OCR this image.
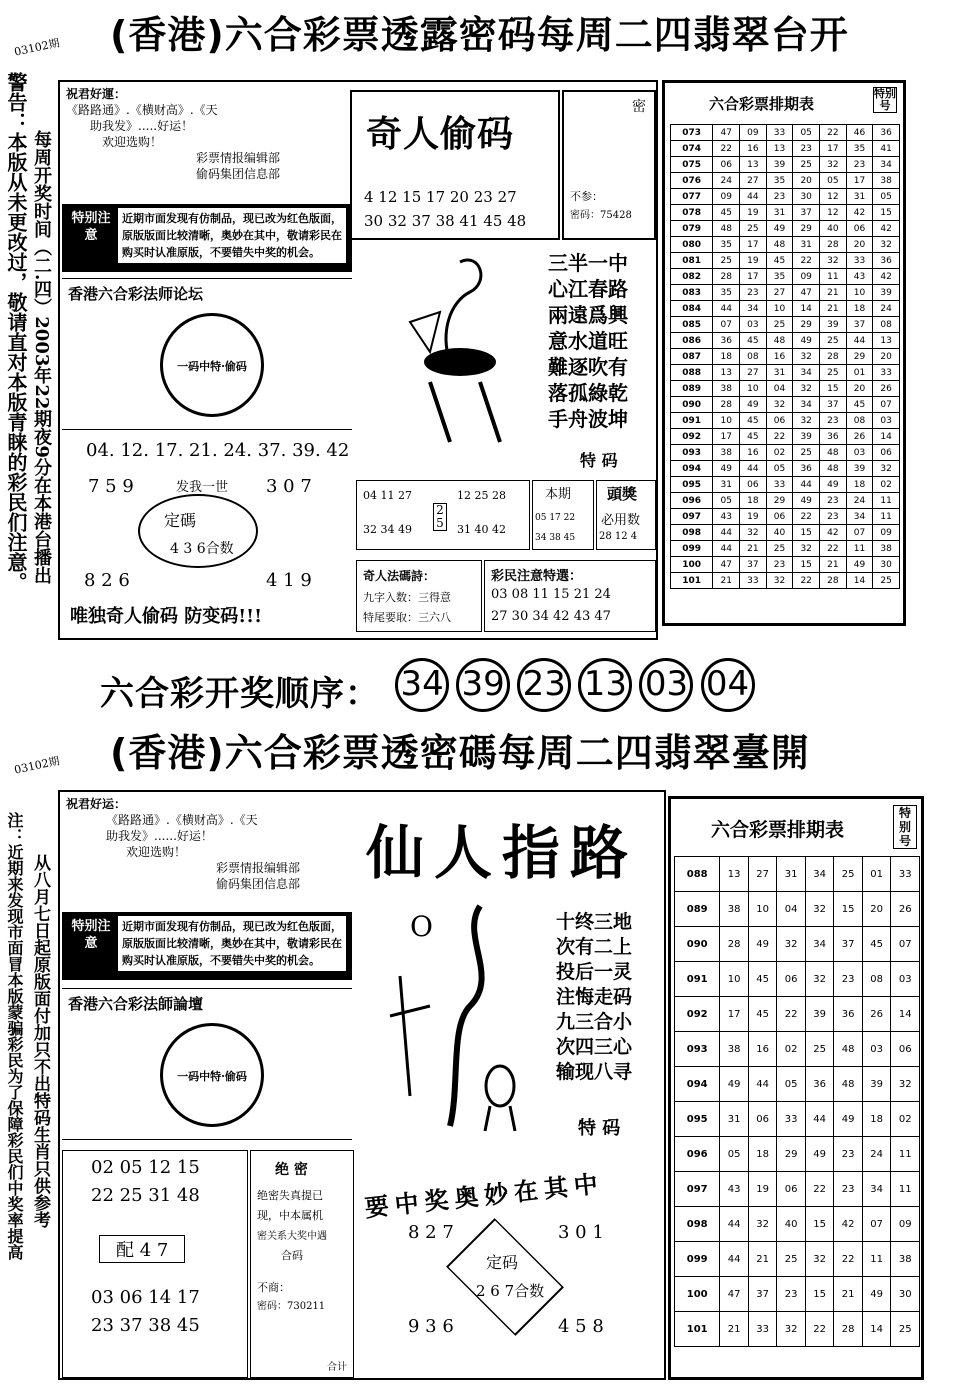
(香港)六合彩票透露密码每周二四翡翠台开
03102期
警告：本版从未更改过，敬请直对本版青睐的彩民们注意。 每周开奖时间（二.四）2003年22期夜9分在本港台播出
祝君好運：
《路路通》.《横财高》.《天
助我发》.....好运！
欢迎选购！
彩票情报编辑部
偷码集团信息部
奇人偷码
4 12 15 17 20 23 27
30 32 37 38 41 45 48
密
不参：
密码：75428
特别注意
近期市面发现有仿制品，现已改为红色版面，原版版面比较清晰，奥妙在其中，敬请彩民在购买时认准原版，不要错失中奖的机会。
香港六合彩法师论坛
一码中特·偷码
三半一中
心江春路
兩遠爲興
意水道旺
難逐吹有
落孤綠乾
手舟波坤
特 码
04. 12. 17. 21. 24. 37. 39. 42
7 5 9	发我一世 3 0 7
定碼
4 3 6合数
8 2 6	4 1 9
唯独奇人偷码 防变码!!!
04 11 27
32 34 49
2 5
12 25 28
31 40 42
本期
05 17 22
34 38 45
頭獎
必用数
28 12 4
奇人法碼詩：
九字入数：三得意
特尾要取：三六八
彩民注意特選：
03 08 11 15 21 24
27 30 34 42 43 47
六合彩票排期表
特别号
073	47	09	33	05	22	46	36
074	22	16	13	23	17	35	41
075	06	13	39	25	32	23	34
076	24	27	35	20	05	17	38
077	09	44	23	30	12	31	05
078	45	19	31	37	12	42	15
079	48	25	49	29	40	06	42
080	35	17	48	31	28	20	32
081	25	19	45	22	32	33	36
082	28	17	35	09	11	43	42
083	35	23	27	47	21	10	39
084	44	34	10	14	21	18	24
085	07	03	25	29	39	37	08
086	36	45	48	49	25	44	13
087	18	08	16	32	28	29	20
088	13	27	31	34	25	01	33
089	38	10	04	32	15	20	26
090	28	49	32	34	37	45	07
091	10	45	06	32	23	08	03
092	17	45	22	39	36	26	14
093	38	16	02	25	48	03	06
094	49	44	05	36	48	39	32
095	31	06	33	44	49	18	02
096	05	18	29	49	23	24	11
097	43	19	06	22	23	34	11
098	44	32	40	15	42	07	09
099	44	21	25	32	22	11	38
100	47	37	23	15	21	49	30
101	21	33	32	22	28	14	25
六合彩开奖顺序： 34 39 23 13 03 04
(香港)六合彩票透密碼每周二四翡翠臺開
03102期
从八月七日起原版面付加只不出特码生肖只供参考
注：近期来发现市面冒本版蒙骗彩民为了保障彩民们中奖率提高
祝君好运：
《路路通》.《横财高》.《天
助我发》......好运！
欢迎选购！
彩票情报编辑部
偷码集团信息部	仙人指路
特别注意
近期市面发现有仿制品，现已改为红色版面，原版版面比较清晰，奥妙在其中，敬请彩民在购买时认准原版，不要错失中奖的机会。
香港六合彩法師論壇
一码中特·偷码
O	十终三地
次有二上
投后一灵
注悔走码
九三合小
次四三心
输现八寻
特 码
02 05 12 15
22 25 31 48
配 4 7
03 06 14 17
23 37 38 45
绝 密
绝密失真提已
现，中本属机
密关系大奖中遇
合码
不商：
密码：730211
合计
要中奖奥妙在其中
8 2 7	3 0 1
定码
2 6 7合数
9 3 6	4 5 8
六合彩票排期表
特别号
088	13	27	31	34	25	01	33
089	38	10	04	32	15	20	26
090	28	49	32	34	37	45	07
091	10	45	06	32	23	08	03
092	17	45	22	39	36	26	14
093	38	16	02	25	48	03	06
094	49	44	05	36	48	39	32
095	31	06	33	44	49	18	02
096	05	18	29	49	23	24	11
097	43	19	06	22	23	34	11
098	44	32	40	15	42	07	09
099	44	21	25	32	22	11	38
100	47	37	23	15	21	49	30
101	21	33	32	22	28	14	25
